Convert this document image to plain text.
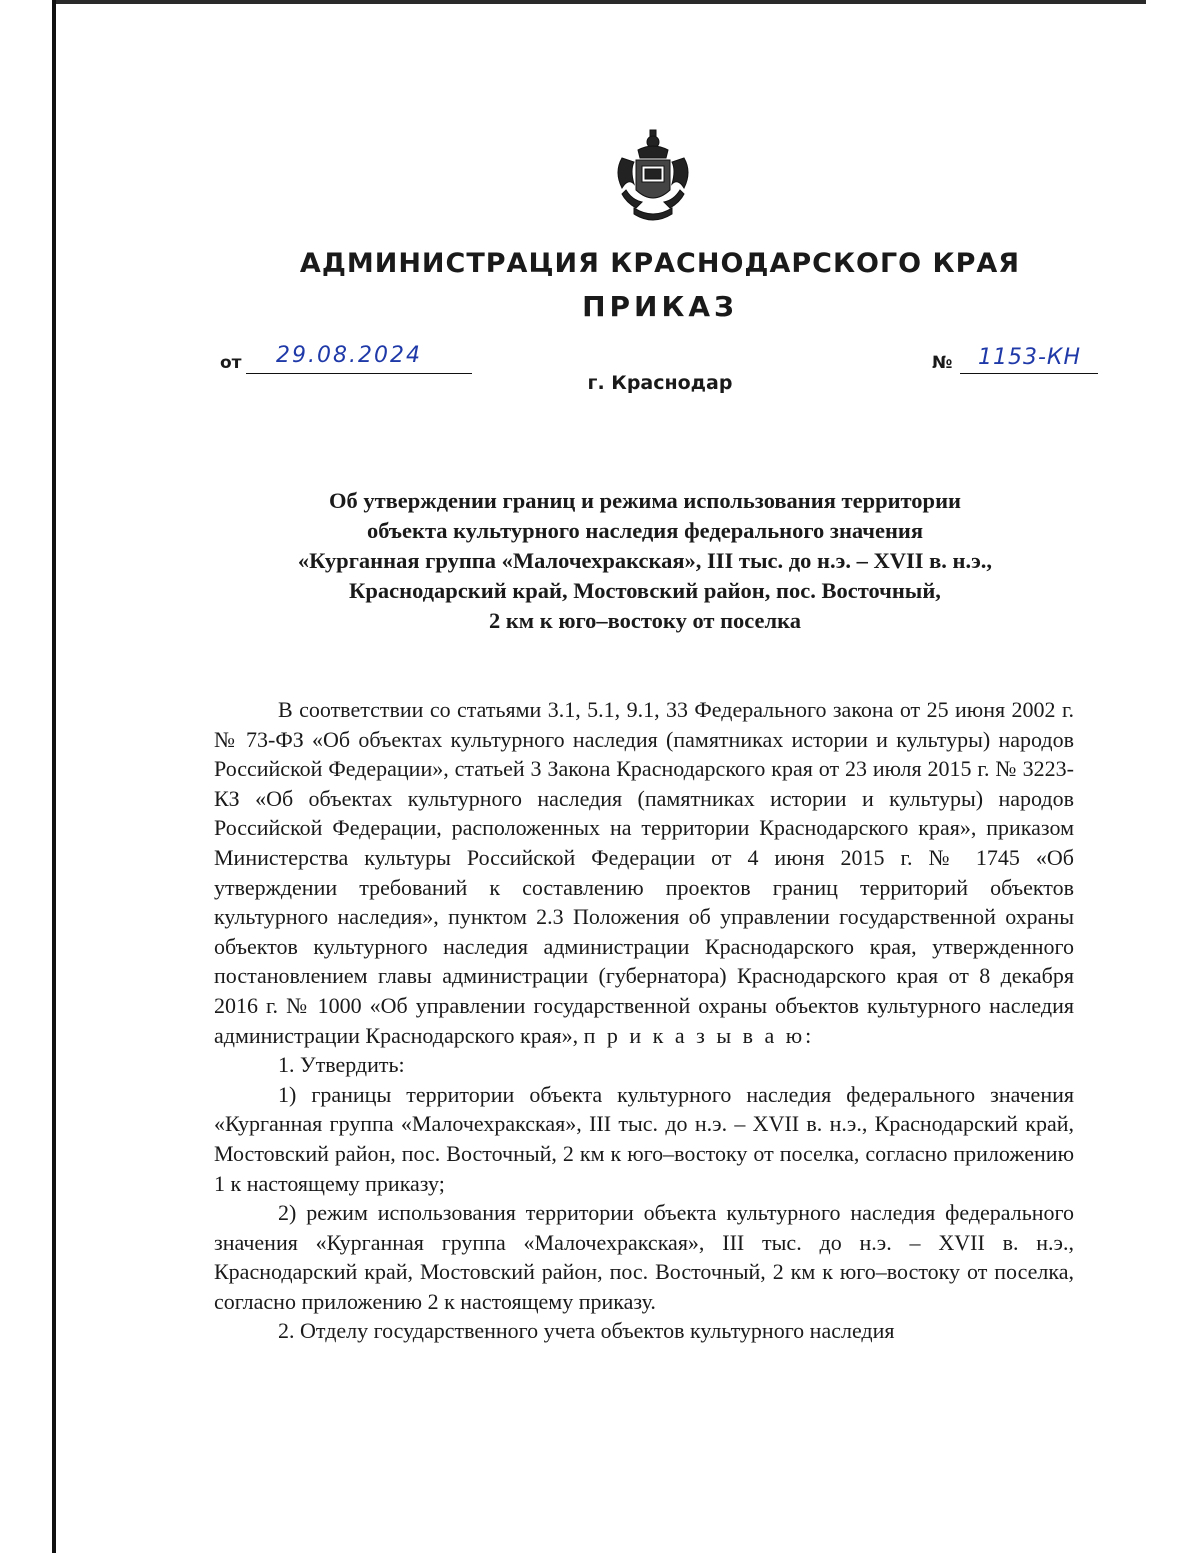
АДМИНИСТРАЦИЯ КРАСНОДАРСКОГО КРАЯ
ПРИКАЗ
от 29.08.2024	№ 1153-КН
г. Краснодар
Об утверждении границ и режима использования территории
объекта культурного наследия федерального значения
«Курганная группа «Малочехракская», III тыс. до н.э. – XVII в. н.э.,
Краснодарский край, Мостовский район, пос. Восточный,
2 км к юго–востоку от поселка

В соответствии со статьями 3.1, 5.1, 9.1, 33 Федерального закона от 25 июня 2002 г. № 73-ФЗ «Об объектах культурного наследия (памятниках истории и культуры) народов Российской Федерации», статьей 3 Закона Краснодарского края от 23 июля 2015 г. № 3223-КЗ «Об объектах культурного наследия (памятниках истории и культуры) народов Российской Федерации, расположенных на территории Краснодарского края», приказом Министерства культуры Российской Федерации от 4 июня 2015 г. № 1745 «Об утверждении требований к составлению проектов границ территорий объектов культурного наследия», пунктом 2.3 Положения об управлении государственной охраны объектов культурного наследия администрации Краснодарского края, утвержденного постановлением главы администрации (губернатора) Краснодарского края от 8 декабря 2016 г. № 1000 «Об управлении государственной охраны объектов культурного наследия администрации Краснодарского края», п р и к а з ы в а ю:

1. Утвердить:

1) границы территории объекта культурного наследия федерального значения «Курганная группа «Малочехракская», III тыс. до н.э. – XVII в. н.э., Краснодарский край, Мостовский район, пос. Восточный, 2 км к юго–востоку от поселка, согласно приложению 1 к настоящему приказу;

2) режим использования территории объекта культурного наследия федерального значения «Курганная группа «Малочехракская», III тыс. до н.э. – XVII в. н.э., Краснодарский край, Мостовский район, пос. Восточный, 2 км к юго–востоку от поселка, согласно приложению 2 к настоящему приказу.

2. Отделу государственного учета объектов культурного наследия
